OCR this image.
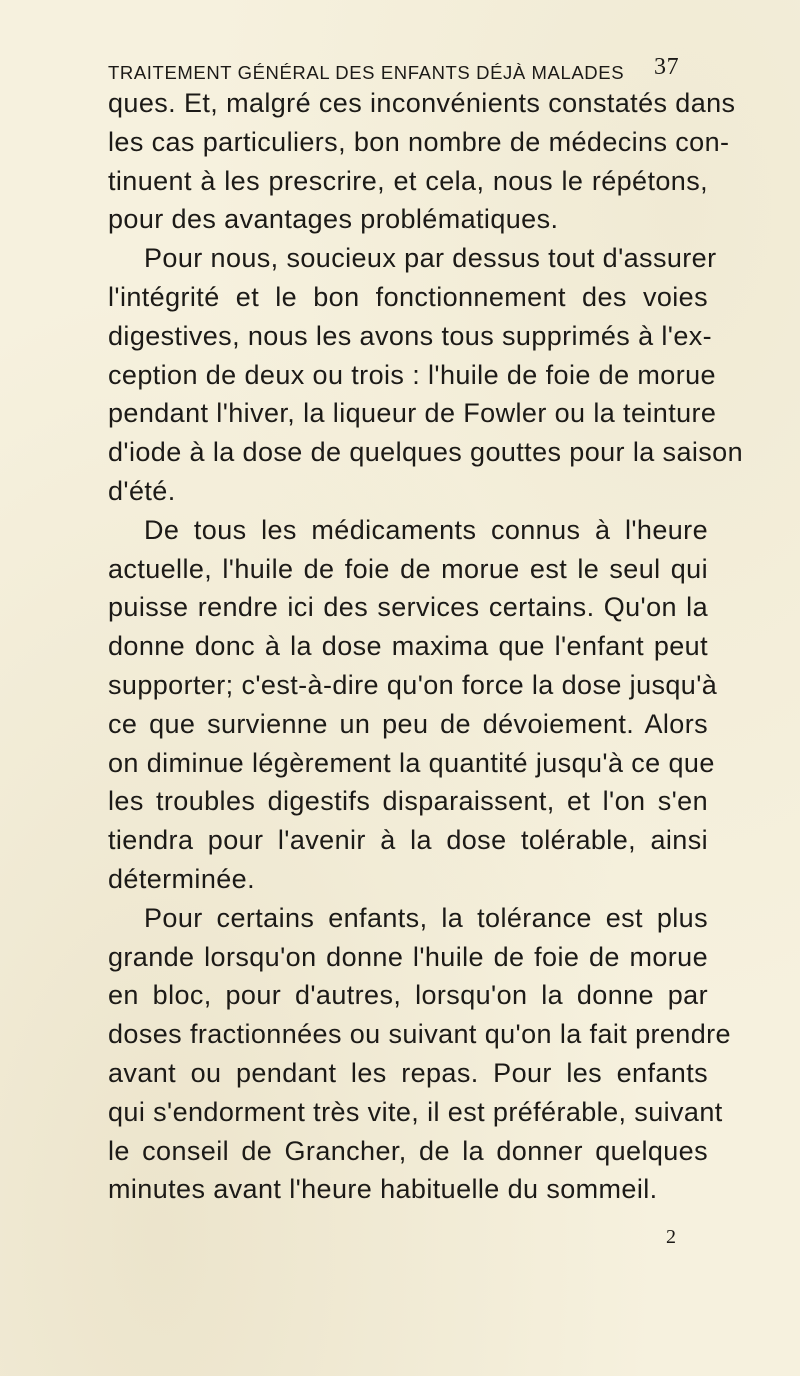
TRAITEMENT GÉNÉRAL DES ENFANTS DÉJÀ MALADES 37
ques. Et, malgré ces inconvénients constatés dans
les cas particuliers, bon nombre de médecins con-
tinuent à les prescrire, et cela, nous le répétons,
pour des avantages problématiques.
Pour nous, soucieux par dessus tout d'assurer
l'intégrité et le bon fonctionnement des voies
digestives, nous les avons tous supprimés à l'ex-
ception de deux ou trois : l'huile de foie de morue
pendant l'hiver, la liqueur de Fowler ou la teinture
d'iode à la dose de quelques gouttes pour la saison
d'été.
De tous les médicaments connus à l'heure
actuelle, l'huile de foie de morue est le seul qui
puisse rendre ici des services certains. Qu'on la
donne donc à la dose maxima que l'enfant peut
supporter; c'est-à-dire qu'on force la dose jusqu'à
ce que survienne un peu de dévoiement. Alors
on diminue légèrement la quantité jusqu'à ce que
les troubles digestifs disparaissent, et l'on s'en
tiendra pour l'avenir à la dose tolérable, ainsi
déterminée.
Pour certains enfants, la tolérance est plus
grande lorsqu'on donne l'huile de foie de morue
en bloc, pour d'autres, lorsqu'on la donne par
doses fractionnées ou suivant qu'on la fait prendre
avant ou pendant les repas. Pour les enfants
qui s'endorment très vite, il est préférable, suivant
le conseil de Grancher, de la donner quelques
minutes avant l'heure habituelle du sommeil.
2
